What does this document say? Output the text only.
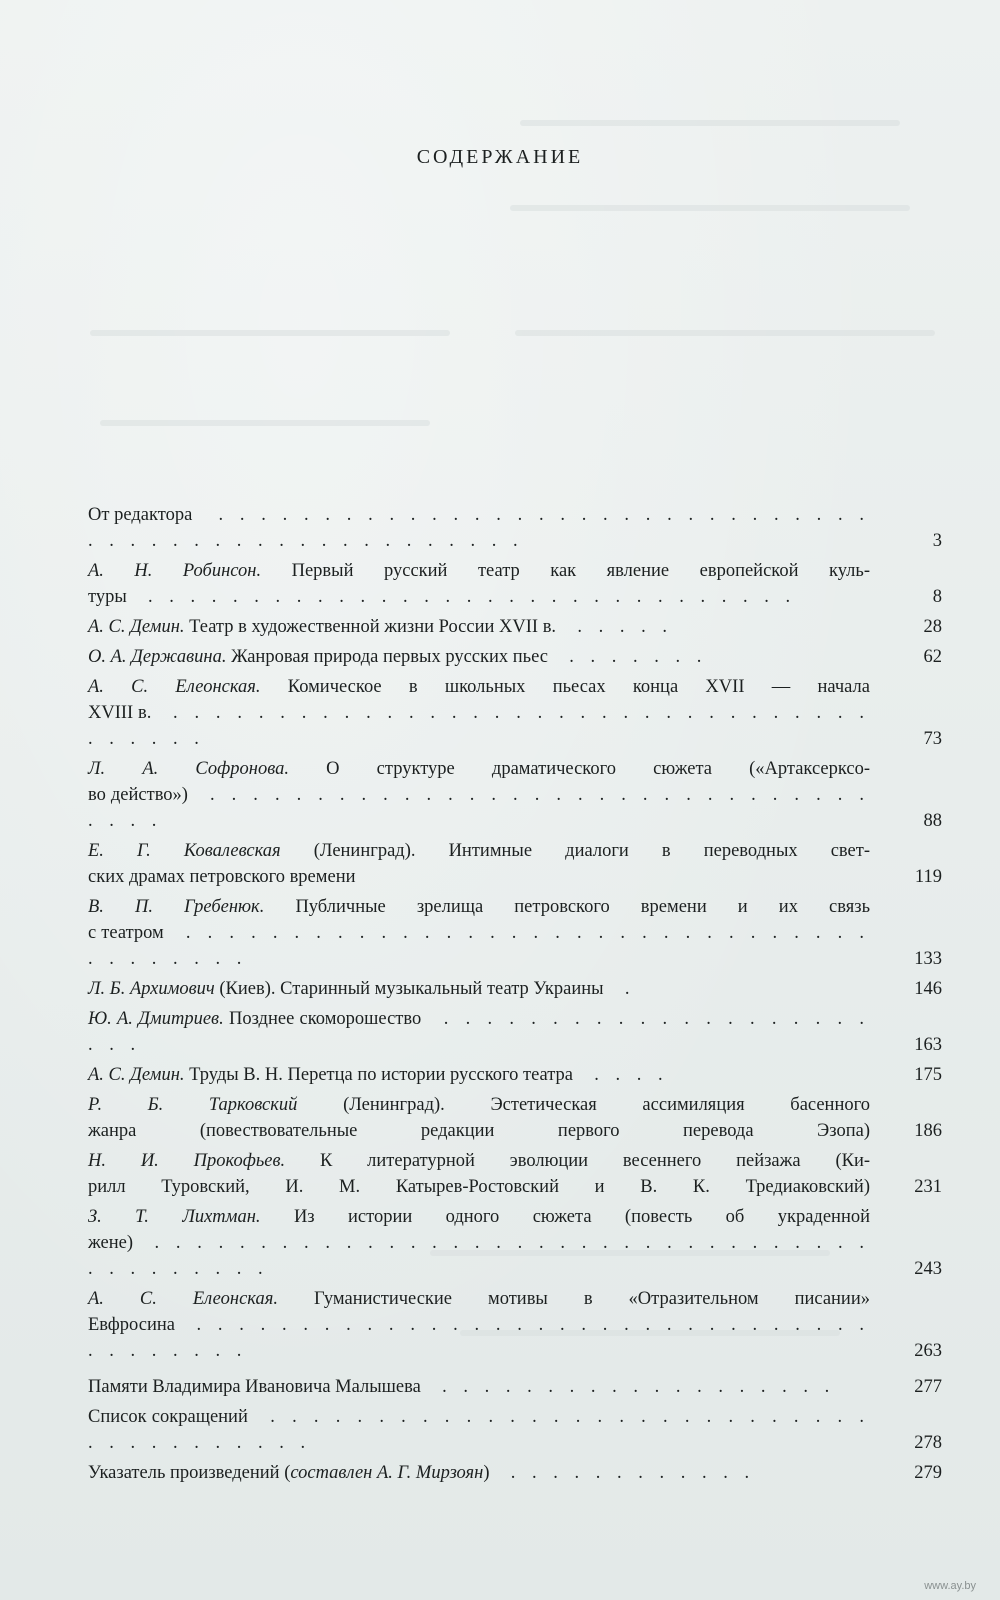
СОДЕРЖАНИЕ
От редактора   . . . . . . . . . . . . . . . . . . . . . . . . . . . . . . . . . . . . . . . . . . . . . . . . . . . .	3
А. Н. Робинсон. Первый русский театр как явление европейской куль-
туры  . . . . . . . . . . . . . . . . . . . . . . . . . . . . . . .	8
А. С. Демин. Театр в художественной жизни России XVII в.  . . . . .	28
О. А. Державина. Жанровая природа первых русских пьес  . . . . . . .	62
А. С. Елеонская. Комическое в школьных пьесах конца XVII — начала
XVIII в.  . . . . . . . . . . . . . . . . . . . . . . . . . . . . . . . . . . . . . . .	73
Л. А. Софронова. О структуре драматического сюжета («Артаксерксо-
во действо»)  . . . . . . . . . . . . . . . . . . . . . . . . . . . . . . . . . . .	88
Е. Г. Ковалевская (Ленинград). Интимные диалоги в переводных свет-
ских драмах петровского времени	119
В. П. Гребенюк. Публичные зрелища петровского времени и их связь
с театром  . . . . . . . . . . . . . . . . . . . . . . . . . . . . . . . . . . . . . . . .	133
Л. Б. Архимович (Киев). Старинный музыкальный театр Украины  .	146
Ю. А. Дмитриев. Позднее скоморошество  . . . . . . . . . . . . . . . . . . . . . . .	163
А. С. Демин. Труды В. Н. Перетца по истории русского театра  . . . .	175
Р. Б. Тарковский (Ленинград). Эстетическая ассимиляция басенного
жанра (повествовательные редакции первого перевода Эзопа)	186
Н. И. Прокофьев. К литературной эволюции весеннего пейзажа (Ки-
рилл Туровский, И. М. Катырев-Ростовский и В. К. Тредиаковский)	231
З. Т. Лихтман. Из истории одного сюжета (повесть об украденной
жене)  . . . . . . . . . . . . . . . . . . . . . . . . . . . . . . . . . . . . . . . . . . .	243
А. С. Елеонская. Гуманистические мотивы в «Отразительном писании»
Евфросина  . . . . . . . . . . . . . . . . . . . . . . . . . . . . . . . . . . . . . . . .	263
Памяти Владимира Ивановича Малышева  . . . . . . . . . . . . . . . . . . .	277
Список сокращений  . . . . . . . . . . . . . . . . . . . . . . . . . . . . . . . . . . . . . . .	278
Указатель произведений (составлен А. Г. Мирзоян)  . . . . . . . . . . . .	279
www.ay.by
